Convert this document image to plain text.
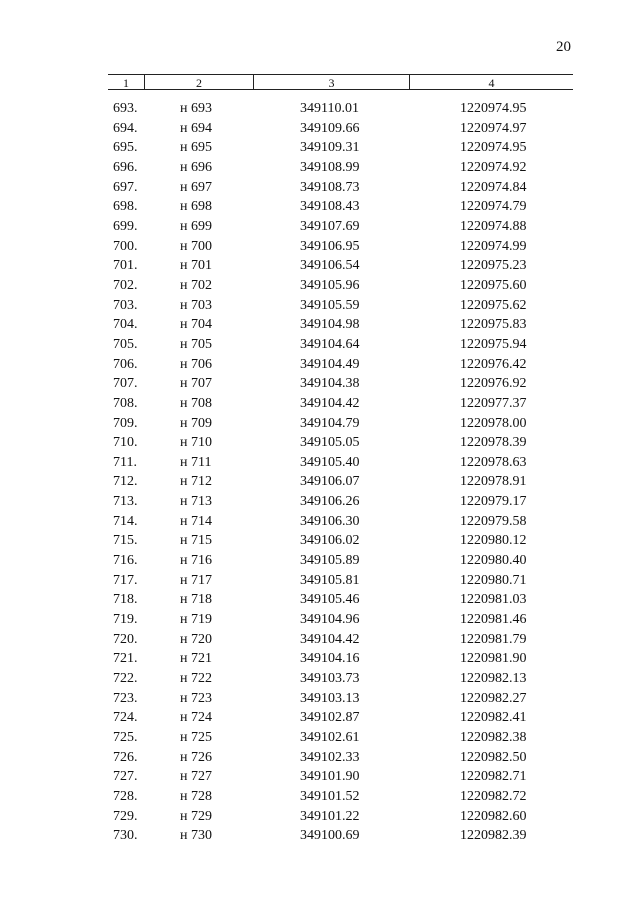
20
1	2	3	4
693.	н 693	349110.01	1220974.95
694.	н 694	349109.66	1220974.97
695.	н 695	349109.31	1220974.95
696.	н 696	349108.99	1220974.92
697.	н 697	349108.73	1220974.84
698.	н 698	349108.43	1220974.79
699.	н 699	349107.69	1220974.88
700.	н 700	349106.95	1220974.99
701.	н 701	349106.54	1220975.23
702.	н 702	349105.96	1220975.60
703.	н 703	349105.59	1220975.62
704.	н 704	349104.98	1220975.83
705.	н 705	349104.64	1220975.94
706.	н 706	349104.49	1220976.42
707.	н 707	349104.38	1220976.92
708.	н 708	349104.42	1220977.37
709.	н 709	349104.79	1220978.00
710.	н 710	349105.05	1220978.39
711.	н 711	349105.40	1220978.63
712.	н 712	349106.07	1220978.91
713.	н 713	349106.26	1220979.17
714.	н 714	349106.30	1220979.58
715.	н 715	349106.02	1220980.12
716.	н 716	349105.89	1220980.40
717.	н 717	349105.81	1220980.71
718.	н 718	349105.46	1220981.03
719.	н 719	349104.96	1220981.46
720.	н 720	349104.42	1220981.79
721.	н 721	349104.16	1220981.90
722.	н 722	349103.73	1220982.13
723.	н 723	349103.13	1220982.27
724.	н 724	349102.87	1220982.41
725.	н 725	349102.61	1220982.38
726.	н 726	349102.33	1220982.50
727.	н 727	349101.90	1220982.71
728.	н 728	349101.52	1220982.72
729.	н 729	349101.22	1220982.60
730.	н 730	349100.69	1220982.39
